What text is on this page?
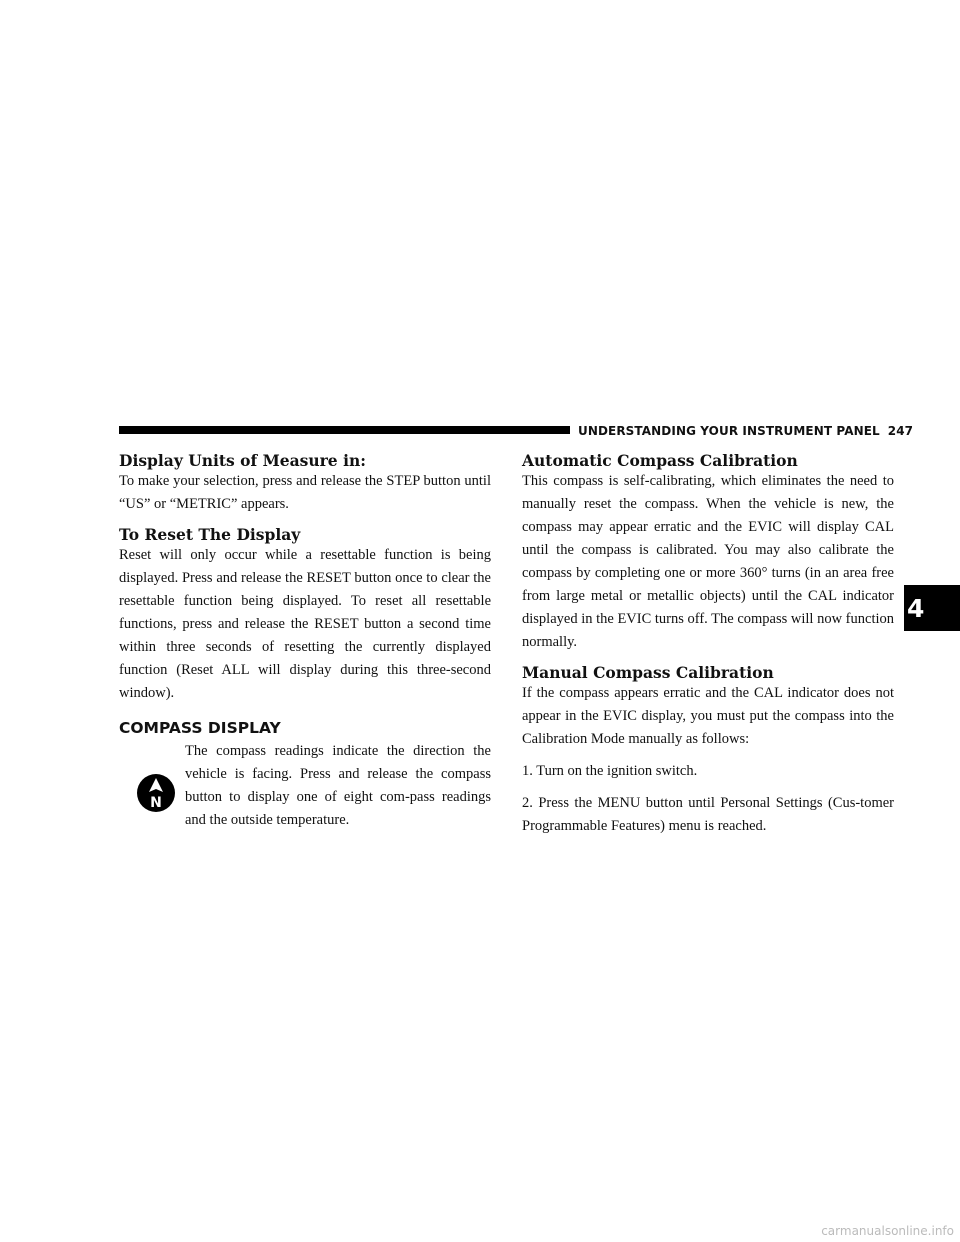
UNDERSTANDING YOUR INSTRUMENT PANEL 247
Display Units of Measure in:

To make your selection, press and release the STEP button until “US” or “METRIC” appears.

To Reset The Display

Reset will only occur while a resettable function is being displayed. Press and release the RESET button once to clear the resettable function being displayed. To reset all resettable functions, press and release the RESET button a second time within three seconds of resetting the currently displayed function (Reset ALL will display during this three-second window).

COMPASS DISPLAY
N

The compass readings indicate the direction the vehicle is facing. Press and release the compass button to display one of eight com-pass readings and the outside temperature.

Automatic Compass Calibration

This compass is self-calibrating, which eliminates the need to manually reset the compass. When the vehicle is new, the compass may appear erratic and the EVIC will display CAL until the compass is calibrated. You may also calibrate the compass by completing one or more 360° turns (in an area free from large metal or metallic objects) until the CAL indicator displayed in the EVIC turns off. The compass will now function normally.

Manual Compass Calibration

If the compass appears erratic and the CAL indicator does not appear in the EVIC display, you must put the compass into the Calibration Mode manually as follows:

1. Turn on the ignition switch.

2. Press the MENU button until Personal Settings (Cus-tomer Programmable Features) menu is reached.

4
carmanualsonline.info
